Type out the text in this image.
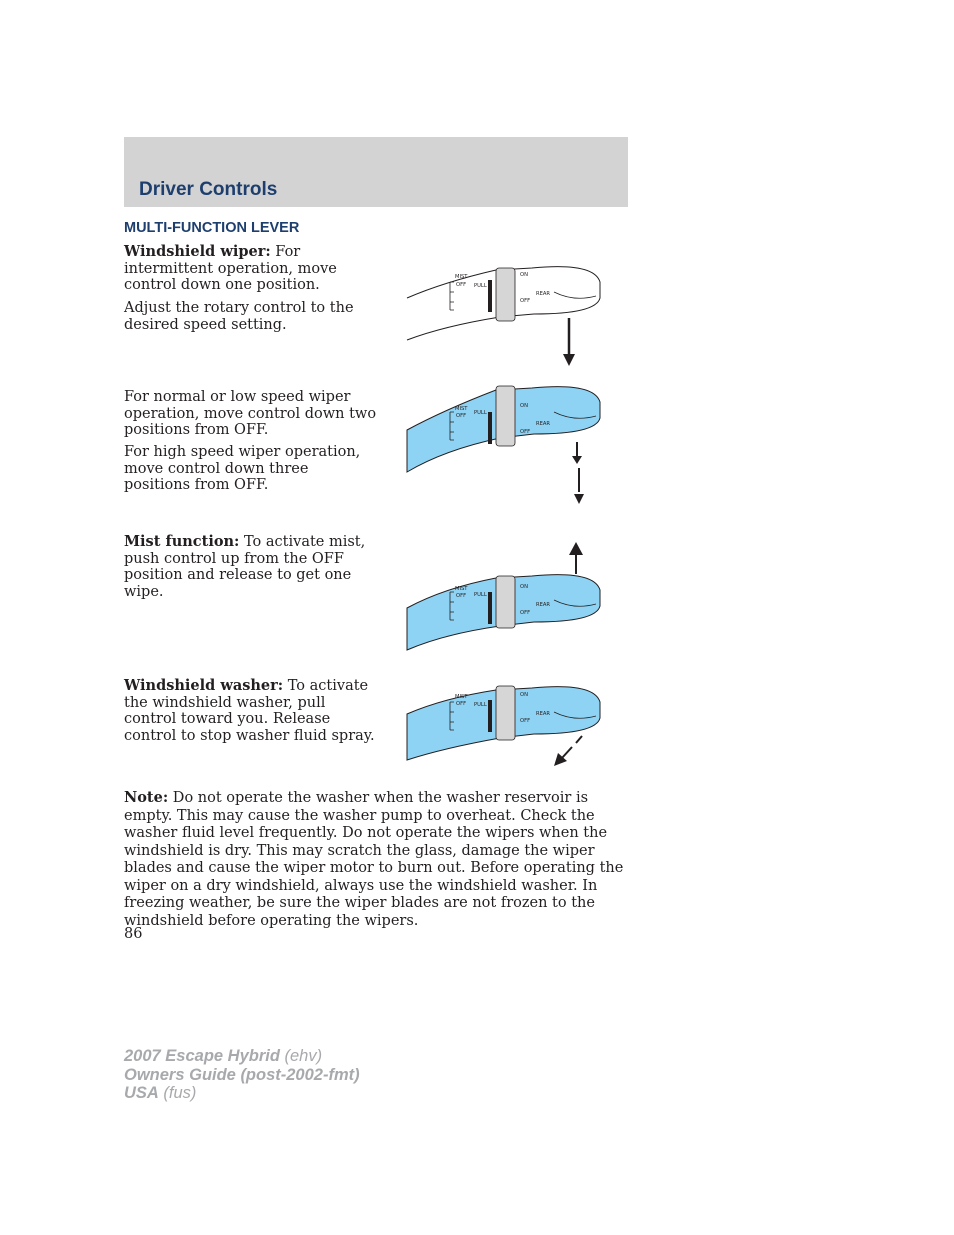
Driver Controls
MULTI-FUNCTION LEVER

Windshield wiper: For intermittent operation, move control down one position.

Adjust the rotary control to the desired speed setting.

For normal or low speed wiper operation, move control down two positions from OFF.

For high speed wiper operation, move control down three positions from OFF.

Mist function: To activate mist, push control up from the OFF position and release to get one wipe.

Windshield washer: To activate the windshield washer, pull control toward you. Release control to stop washer fluid spray.

MIST
OFF PULL
ON
OFF
REAR
MIST
OFF PULL
ON
OFF
REAR
MIST
OFF PULL
ON
OFF
REAR
MIST
OFF PULL
ON
OFF
REAR

Note: Do not operate the washer when the washer reservoir is empty. This may cause the washer pump to overheat. Check the washer fluid level frequently. Do not operate the wipers when the windshield is dry. This may scratch the glass, damage the wiper blades and cause the wiper motor to burn out. Before operating the wiper on a dry windshield, always use the windshield washer. In freezing weather, be sure the wiper blades are not frozen to the windshield before operating the wipers.

86
2007 Escape Hybrid (ehv)
Owners Guide (post-2002-fmt)
USA (fus)
